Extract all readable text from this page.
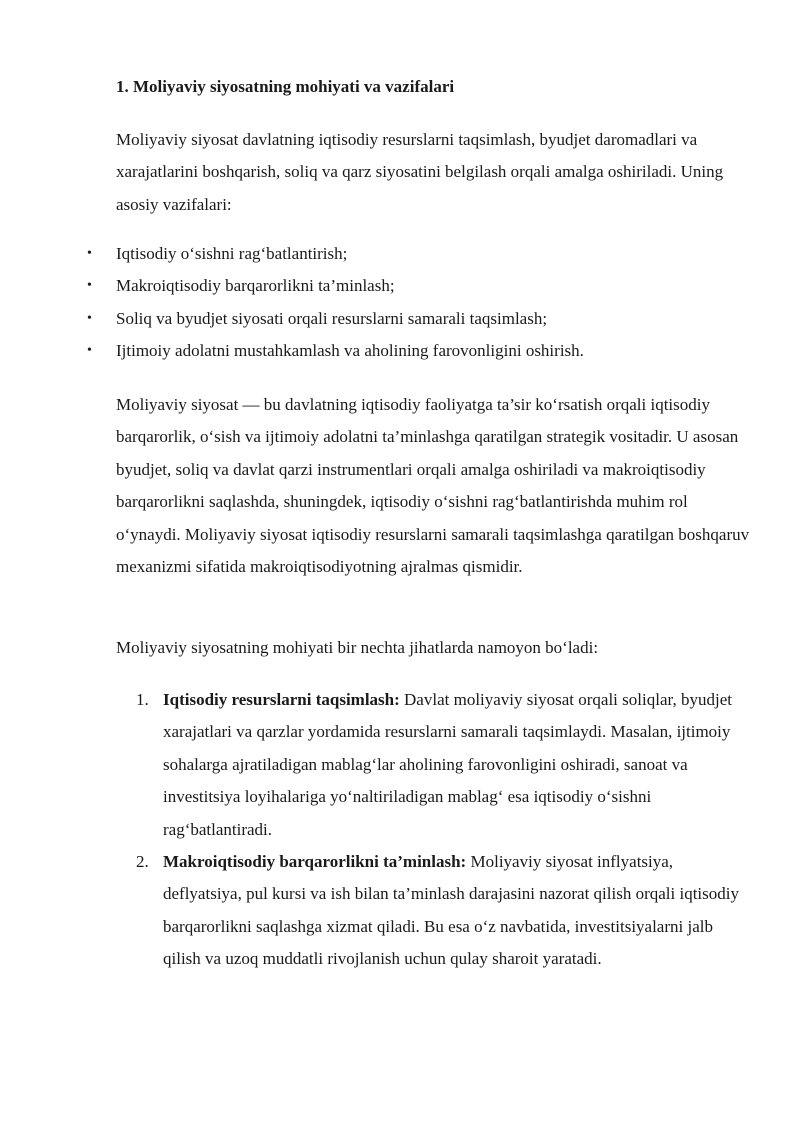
1. Moliyaviy siyosatning mohiyati va vazifalari

Moliyaviy siyosat davlatning iqtisodiy resurslarni taqsimlash, byudjet daromadlari va xarajatlarini boshqarish, soliq va qarz siyosatini belgilash orqali amalga oshiriladi. Uning asosiy vazifalari:

• Iqtisodiy o‘sishni rag‘batlantirish;
• Makroiqtisodiy barqarorlikni ta’minlash;
• Soliq va byudjet siyosati orqali resurslarni samarali taqsimlash;
• Ijtimoiy adolatni mustahkamlash va aholining farovonligini oshirish.

Moliyaviy siyosat — bu davlatning iqtisodiy faoliyatga ta’sir ko‘rsatish orqali iqtisodiy barqarorlik, o‘sish va ijtimoiy adolatni ta’minlashga qaratilgan strategik vositadir. U asosan byudjet, soliq va davlat qarzi instrumentlari orqali amalga oshiriladi va makroiqtisodiy barqarorlikni saqlashda, shuningdek, iqtisodiy o‘sishni rag‘batlantirishda muhim rol o‘ynaydi. Moliyaviy siyosat iqtisodiy resurslarni samarali taqsimlashga qaratilgan boshqaruv mexanizmi sifatida makroiqtisodiyotning ajralmas qismidir.

Moliyaviy siyosatning mohiyati bir nechta jihatlarda namoyon bo‘ladi:

1. Iqtisodiy resurslarni taqsimlash: Davlat moliyaviy siyosat orqali soliqlar, byudjet xarajatlari va qarzlar yordamida resurslarni samarali taqsimlaydi. Masalan, ijtimoiy sohalarga ajratiladigan mablag‘lar aholining farovonligini oshiradi, sanoat va investitsiya loyihalariga yo‘naltiriladigan mablag‘ esa iqtisodiy o‘sishni rag‘batlantiradi.
2. Makroiqtisodiy barqarorlikni ta’minlash: Moliyaviy siyosat inflyatsiya, deflyatsiya, pul kursi va ish bilan ta’minlash darajasini nazorat qilish orqali iqtisodiy barqarorlikni saqlashga xizmat qiladi. Bu esa o‘z navbatida, investitsiyalarni jalb qilish va uzoq muddatli rivojlanish uchun qulay sharoit yaratadi.
